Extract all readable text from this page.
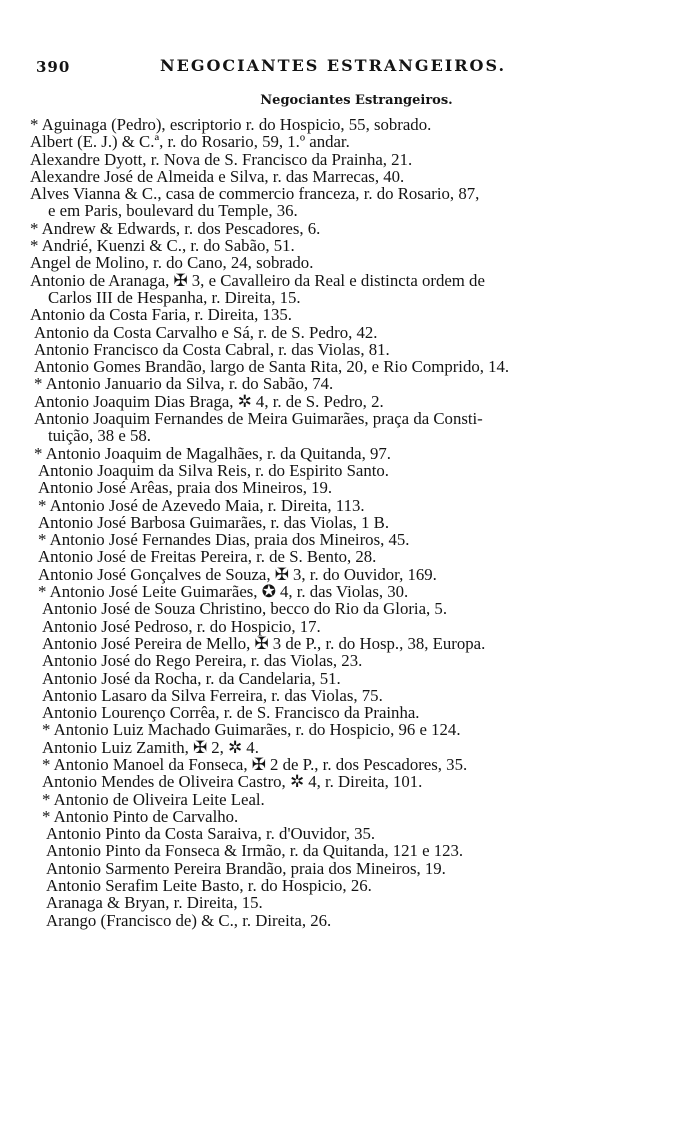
390	NEGOCIANTES ESTRANGEIROS.
Negociantes Estrangeiros.
* Aguinaga (Pedro), escriptorio r. do Hospicio, 55, sobrado.
Albert (E. J.) & C.ª, r. do Rosario, 59, 1.º andar.
Alexandre Dyott, r. Nova de S. Francisco da Prainha, 21.
Alexandre José de Almeida e Silva, r. das Marrecas, 40.
Alves Vianna & C., casa de commercio franceza, r. do Rosario, 87,
e em Paris, boulevard du Temple, 36.
* Andrew & Edwards, r. dos Pescadores, 6.
* Andrié, Kuenzi & C., r. do Sabão, 51.
Angel de Molino, r. do Cano, 24, sobrado.
Antonio de Aranaga, ✠ 3, e Cavalleiro da Real e distincta ordem de
Carlos III de Hespanha, r. Direita, 15.
Antonio da Costa Faria, r. Direita, 135.
Antonio da Costa Carvalho e Sá, r. de S. Pedro, 42.
Antonio Francisco da Costa Cabral, r. das Violas, 81.
Antonio Gomes Brandão, largo de Santa Rita, 20, e Rio Comprido, 14.
* Antonio Januario da Silva, r. do Sabão, 74.
Antonio Joaquim Dias Braga, ✲ 4, r. de S. Pedro, 2.
Antonio Joaquim Fernandes de Meira Guimarães, praça da Consti-
tuição, 38 e 58.
* Antonio Joaquim de Magalhães, r. da Quitanda, 97.
Antonio Joaquim da Silva Reis, r. do Espirito Santo.
Antonio José Arêas, praia dos Mineiros, 19.
* Antonio José de Azevedo Maia, r. Direita, 113.
Antonio José Barbosa Guimarães, r. das Violas, 1 B.
* Antonio José Fernandes Dias, praia dos Mineiros, 45.
Antonio José de Freitas Pereira, r. de S. Bento, 28.
Antonio José Gonçalves de Souza, ✠ 3, r. do Ouvidor, 169.
* Antonio José Leite Guimarães, ✪ 4, r. das Violas, 30.
Antonio José de Souza Christino, becco do Rio da Gloria, 5.
Antonio José Pedroso, r. do Hospicio, 17.
Antonio José Pereira de Mello, ✠ 3 de P., r. do Hosp., 38, Europa.
Antonio José do Rego Pereira, r. das Violas, 23.
Antonio José da Rocha, r. da Candelaria, 51.
Antonio Lasaro da Silva Ferreira, r. das Violas, 75.
Antonio Lourenço Corrêa, r. de S. Francisco da Prainha.
* Antonio Luiz Machado Guimarães, r. do Hospicio, 96 e 124.
Antonio Luiz Zamith, ✠ 2, ✲ 4.
* Antonio Manoel da Fonseca, ✠ 2 de P., r. dos Pescadores, 35.
Antonio Mendes de Oliveira Castro, ✲ 4, r. Direita, 101.
* Antonio de Oliveira Leite Leal.
* Antonio Pinto de Carvalho.
Antonio Pinto da Costa Saraiva, r. d'Ouvidor, 35.
Antonio Pinto da Fonseca & Irmão, r. da Quitanda, 121 e 123.
Antonio Sarmento Pereira Brandão, praia dos Mineiros, 19.
Antonio Serafim Leite Basto, r. do Hospicio, 26.
Aranaga & Bryan, r. Direita, 15.
Arango (Francisco de) & C., r. Direita, 26.
